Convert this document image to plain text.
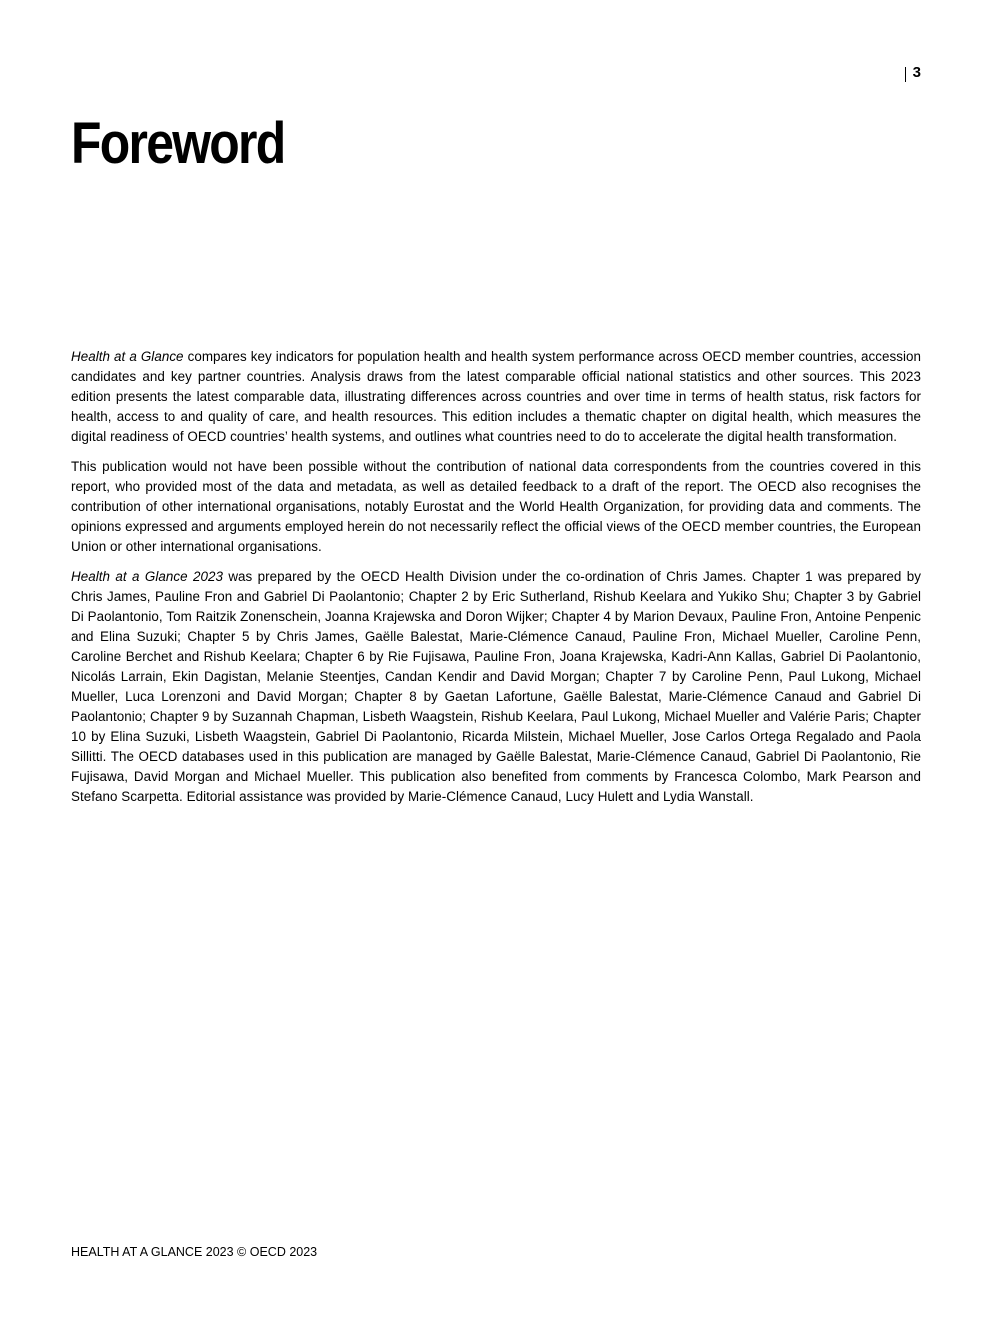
3
Foreword

Health at a Glance compares key indicators for population health and health system performance across OECD member countries, accession candidates and key partner countries. Analysis draws from the latest comparable official national statistics and other sources. This 2023 edition presents the latest comparable data, illustrating differences across countries and over time in terms of health status, risk factors for health, access to and quality of care, and health resources. This edition includes a thematic chapter on digital health, which measures the digital readiness of OECD countries’ health systems, and outlines what countries need to do to accelerate the digital health transformation.

This publication would not have been possible without the contribution of national data correspondents from the countries covered in this report, who provided most of the data and metadata, as well as detailed feedback to a draft of the report. The OECD also recognises the contribution of other international organisations, notably Eurostat and the World Health Organization, for providing data and comments. The opinions expressed and arguments employed herein do not necessarily reflect the official views of the OECD member countries, the European Union or other international organisations.

Health at a Glance 2023 was prepared by the OECD Health Division under the co-ordination of Chris James. Chapter 1 was prepared by Chris James, Pauline Fron and Gabriel Di Paolantonio; Chapter 2 by Eric Sutherland, Rishub Keelara and Yukiko Shu; Chapter 3 by Gabriel Di Paolantonio, Tom Raitzik Zonenschein, Joanna Krajewska and Doron Wijker; Chapter 4 by Marion Devaux, Pauline Fron, Antoine Penpenic and Elina Suzuki; Chapter 5 by Chris James, Gaëlle Balestat, Marie-Clémence Canaud, Pauline Fron, Michael Mueller, Caroline Penn, Caroline Berchet and Rishub Keelara; Chapter 6 by Rie Fujisawa, Pauline Fron, Joana Krajewska, Kadri-Ann Kallas, Gabriel Di Paolantonio, Nicolás Larrain, Ekin Dagistan, Melanie Steentjes, Candan Kendir and David Morgan; Chapter 7 by Caroline Penn, Paul Lukong, Michael Mueller, Luca Lorenzoni and David Morgan; Chapter 8 by Gaetan Lafortune, Gaëlle Balestat, Marie-Clémence Canaud and Gabriel Di Paolantonio; Chapter 9 by Suzannah Chapman, Lisbeth Waagstein, Rishub Keelara, Paul Lukong, Michael Mueller and Valérie Paris; Chapter 10 by Elina Suzuki, Lisbeth Waagstein, Gabriel Di Paolantonio, Ricarda Milstein, Michael Mueller, Jose Carlos Ortega Regalado and Paola Sillitti. The OECD databases used in this publication are managed by Gaëlle Balestat, Marie-Clémence Canaud, Gabriel Di Paolantonio, Rie Fujisawa, David Morgan and Michael Mueller. This publication also benefited from comments by Francesca Colombo, Mark Pearson and Stefano Scarpetta. Editorial assistance was provided by Marie-Clémence Canaud, Lucy Hulett and Lydia Wanstall.

HEALTH AT A GLANCE 2023 © OECD 2023
